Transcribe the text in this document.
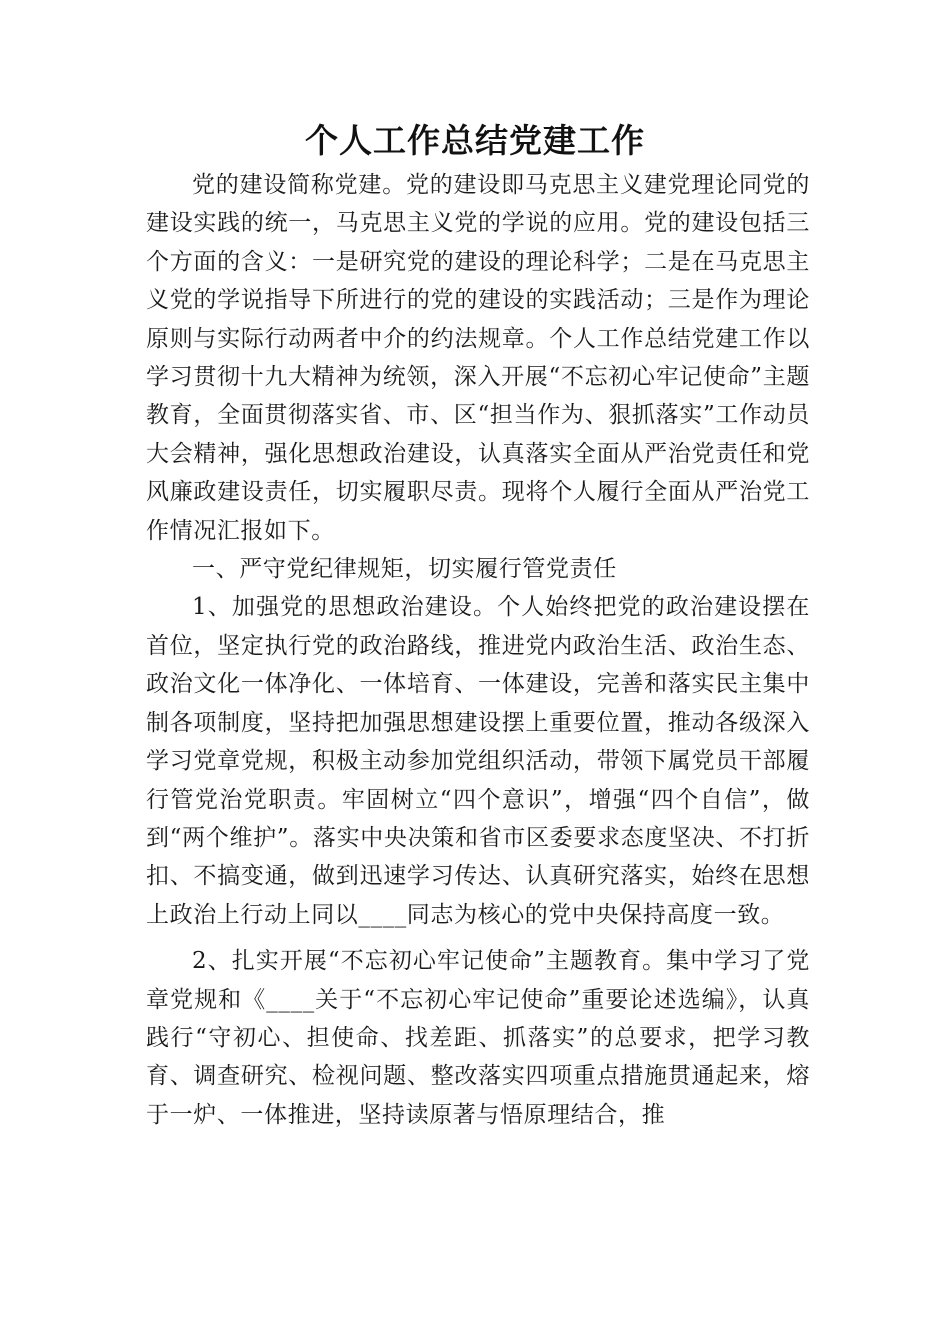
个人工作总结党建工作

党的建设简称党建。党的建设即马克思主义建党理论同党的建设实践的统一，马克思主义党的学说的应用。党的建设包括三个方面的含义：一是研究党的建设的理论科学；二是在马克思主义党的学说指导下所进行的党的建设的实践活动；三是作为理论原则与实际行动两者中介的约法规章。个人工作总结党建工作以学习贯彻十九大精神为统领，深入开展“不忘初心牢记使命”主题教育，全面贯彻落实省、市、区“担当作为、狠抓落实”工作动员大会精神，强化思想政治建设，认真落实全面从严治党责任和党风廉政建设责任，切实履职尽责。现将个人履行全面从严治党工作情况汇报如下。

一、严守党纪律规矩，切实履行管党责任

1、加强党的思想政治建设。个人始终把党的政治建设摆在首位，坚定执行党的政治路线，推进党内政治生活、政治生态、政治文化一体净化、一体培育、一体建设，完善和落实民主集中制各项制度，坚持把加强思想建设摆上重要位置，推动各级深入学习党章党规，积极主动参加党组织活动，带领下属党员干部履行管党治党职责。牢固树立“四个意识”，增强“四个自信”，做到“两个维护”。落实中央决策和省市区委要求态度坚决、不打折扣、不搞变通，做到迅速学习传达、认真研究落实，始终在思想上政治上行动上同以____同志为核心的党中央保持高度一致。

2、扎实开展“不忘初心牢记使命”主题教育。集中学习了党章党规和《____关于“不忘初心牢记使命”重要论述选编》，认真践行“守初心、担使命、找差距、抓落实”的总要求，把学习教育、调查研究、检视问题、整改落实四项重点措施贯通起来，熔于一炉、一体推进，坚持读原著与悟原理结合，推
